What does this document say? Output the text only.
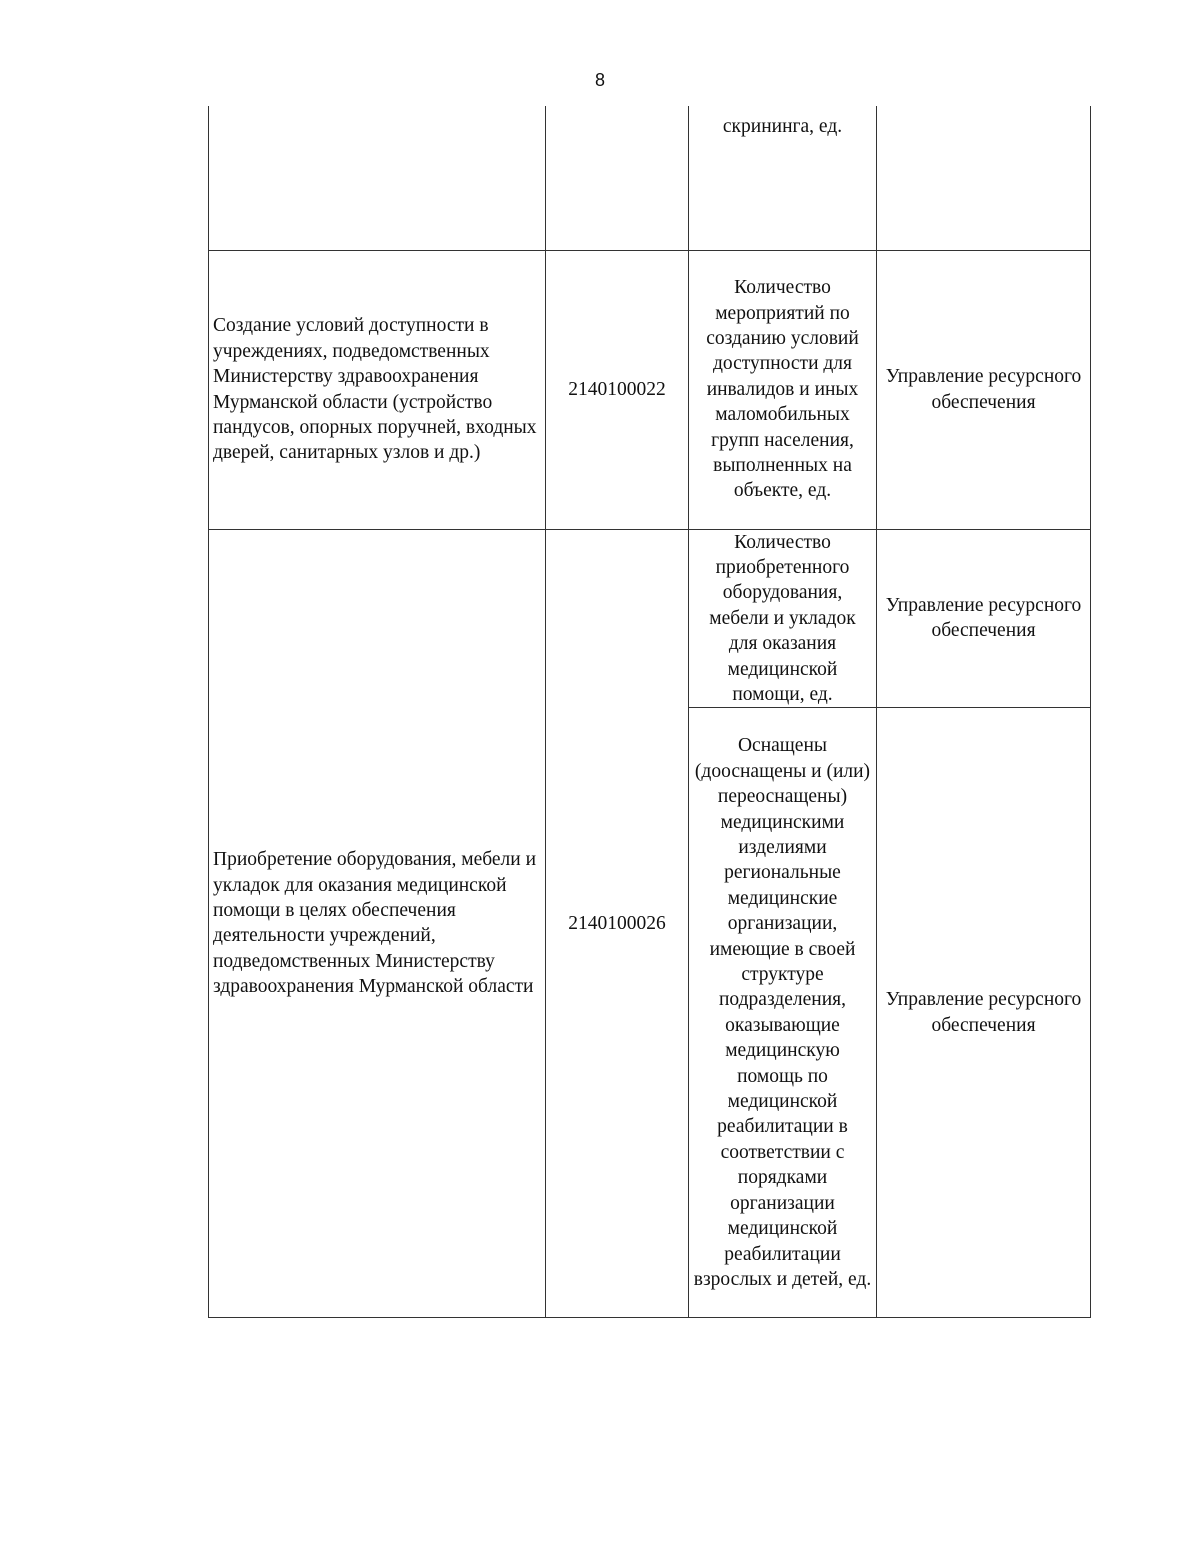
8

		скрининга, ед.	

Создание условий доступности в учреждениях, подведомственных Министерству здравоохранения Мурманской области (устройство пандусов, опорных поручней, входных дверей, санитарных узлов и др.)	2140100022	Количество мероприятий по созданию условий доступности для инвалидов и иных маломобильных групп населения, выполненных на объекте, ед.	Управление ресурсного обеспечения

Приобретение оборудования, мебели и укладок для оказания медицинской помощи в целях обеспечения деятельности учреждений, подведомственных Министерству здравоохранения Мурманской области	2140100026	Количество приобретенного оборудования, мебели и укладок для оказания медицинской помощи, ед.	Управление ресурсного обеспечения

		Оснащены (дооснащены и (или) переоснащены) медицинскими изделиями региональные медицинские организации, имеющие в своей структуре подразделения, оказывающие медицинскую помощь по медицинской реабилитации в соответствии с порядками организации медицинской реабилитации взрослых и детей, ед.	Управление ресурсного обеспечения
